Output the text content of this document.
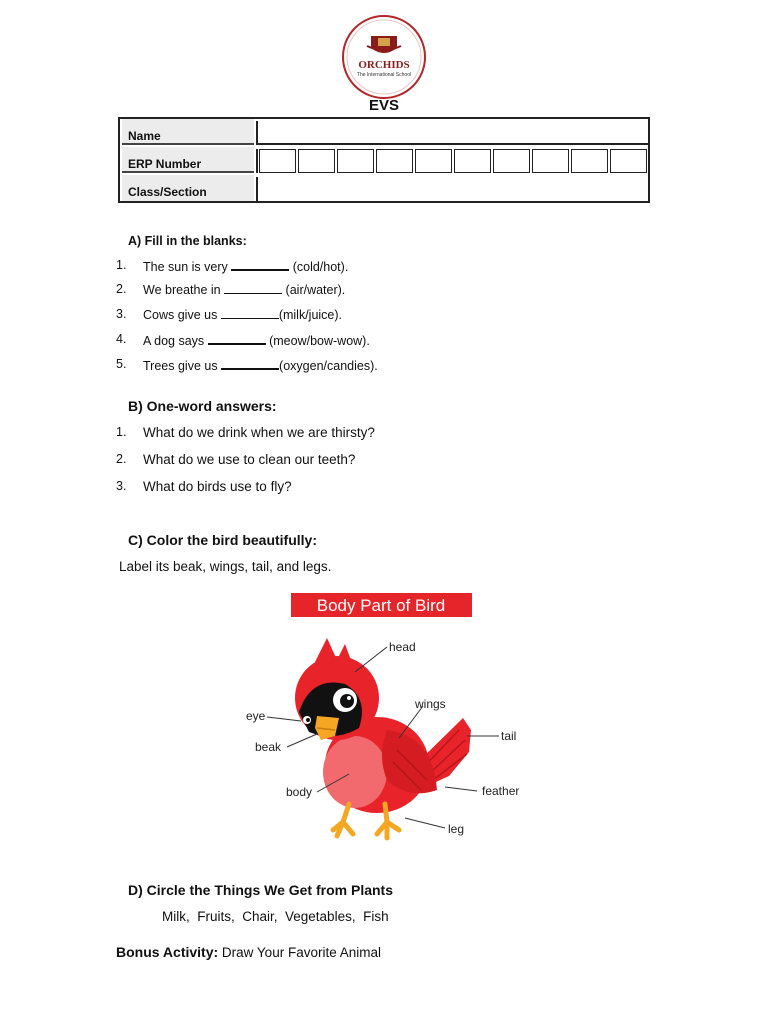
ORCHIDS
The International School
EVS
Name
ERP Number
Class/Section
A) Fill in the blanks:
1. The sun is very	(cold/hot).
2. We breathe in	(air/water).
3. Cows give us	(milk/juice).
4. A dog says	(meow/bow-wow).
5. Trees give us	(oxygen/candies).
B) One-word answers:
1. What do we drink when we are thirsty?
2. What do we use to clean our teeth?
3. What do birds use to fly?
C) Color the bird beautifully:
Label its beak, wings, tail, and legs.
Body Part of Bird
head
eye
beak
wings
tail
body	feather
leg
D) Circle the Things We Get from Plants
Milk,  Fruits,  Chair,  Vegetables,  Fish
Bonus Activity: Draw Your Favorite Animal
